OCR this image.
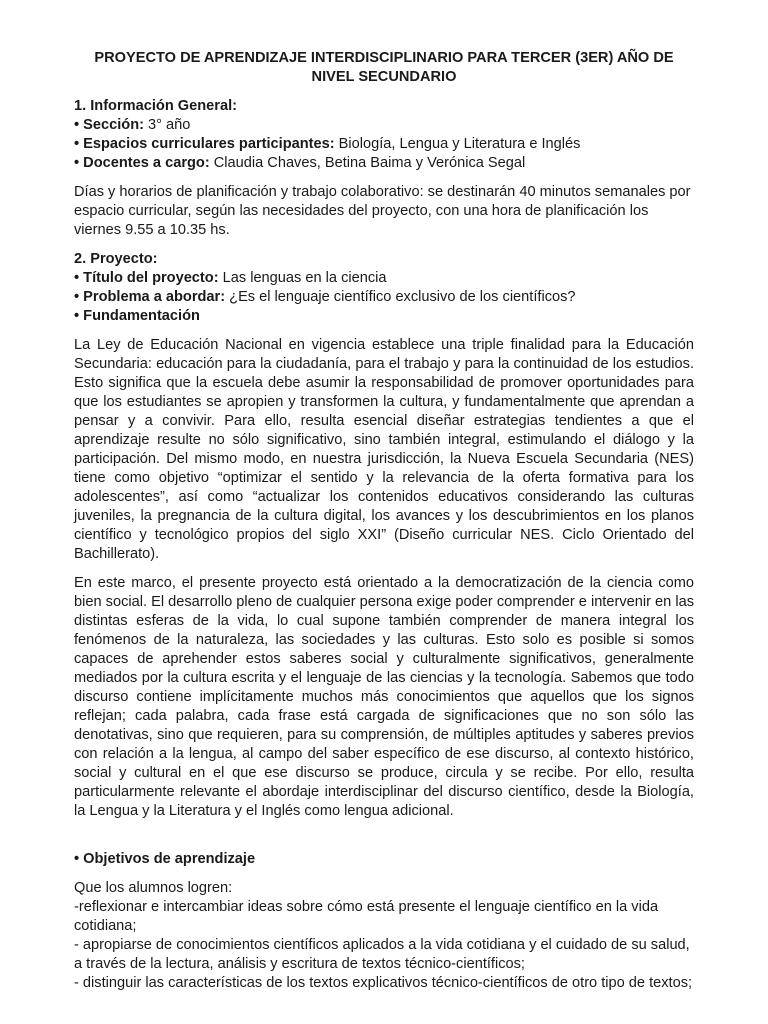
PROYECTO DE APRENDIZAJE INTERDISCIPLINARIO PARA TERCER (3ER) AÑO DE NIVEL SECUNDARIO

1. Información General:

• Sección: 3° año

• Espacios curriculares participantes: Biología, Lengua y Literatura e Inglés

• Docentes a cargo: Claudia Chaves, Betina Baima y Verónica Segal

Días y horarios de planificación y trabajo colaborativo: se destinarán 40 minutos semanales por espacio curricular, según las necesidades del proyecto, con una hora de planificación los viernes 9.55 a 10.35 hs.

2. Proyecto:

• Título del proyecto: Las lenguas en la ciencia

• Problema a abordar: ¿Es el lenguaje científico exclusivo de los científicos?

• Fundamentación

La Ley de Educación Nacional en vigencia establece una triple finalidad para la Educación Secundaria: educación para la ciudadanía, para el trabajo y para la continuidad de los estudios. Esto significa que la escuela debe asumir la responsabilidad de promover oportunidades para que los estudiantes se apropien y transformen la cultura, y fundamentalmente que aprendan a pensar y a convivir. Para ello, resulta esencial diseñar estrategias tendientes a que el aprendizaje resulte no sólo significativo, sino también integral, estimulando el diálogo y la participación. Del mismo modo, en nuestra jurisdicción, la Nueva Escuela Secundaria (NES) tiene como objetivo “optimizar el sentido y la relevancia de la oferta formativa para los adolescentes”, así como “actualizar los contenidos educativos considerando las culturas juveniles, la pregnancia de la cultura digital, los avances y los descubrimientos en los planos científico y tecnológico propios del siglo XXI” (Diseño curricular NES. Ciclo Orientado del Bachillerato).

En este marco, el presente proyecto está orientado a la democratización de la ciencia como bien social. El desarrollo pleno de cualquier persona exige poder comprender e intervenir en las distintas esferas de la vida, lo cual supone también comprender de manera integral los fenómenos de la naturaleza, las sociedades y las culturas. Esto solo es posible si somos capaces de aprehender estos saberes social y culturalmente significativos, generalmente mediados por la cultura escrita y el lenguaje de las ciencias y la tecnología. Sabemos que todo discurso contiene implícitamente muchos más conocimientos que aquellos que los signos reflejan; cada palabra, cada frase está cargada de significaciones que no son sólo las denotativas, sino que requieren, para su comprensión, de múltiples aptitudes y saberes previos con relación a la lengua, al campo del saber específico de ese discurso, al contexto histórico, social y cultural en el que ese discurso se produce, circula y se recibe. Por ello, resulta particularmente relevante el abordaje interdisciplinar del discurso científico, desde la Biología, la Lengua y la Literatura y el Inglés como lengua adicional.

• Objetivos de aprendizaje

Que los alumnos logren:

-reflexionar e intercambiar ideas sobre cómo está presente el lenguaje científico en la vida cotidiana;

- apropiarse de conocimientos científicos aplicados a la vida cotidiana y el cuidado de su salud, a través de la lectura, análisis y escritura de textos técnico-científicos;

- distinguir las características de los textos explicativos técnico-científicos de otro tipo de textos;
